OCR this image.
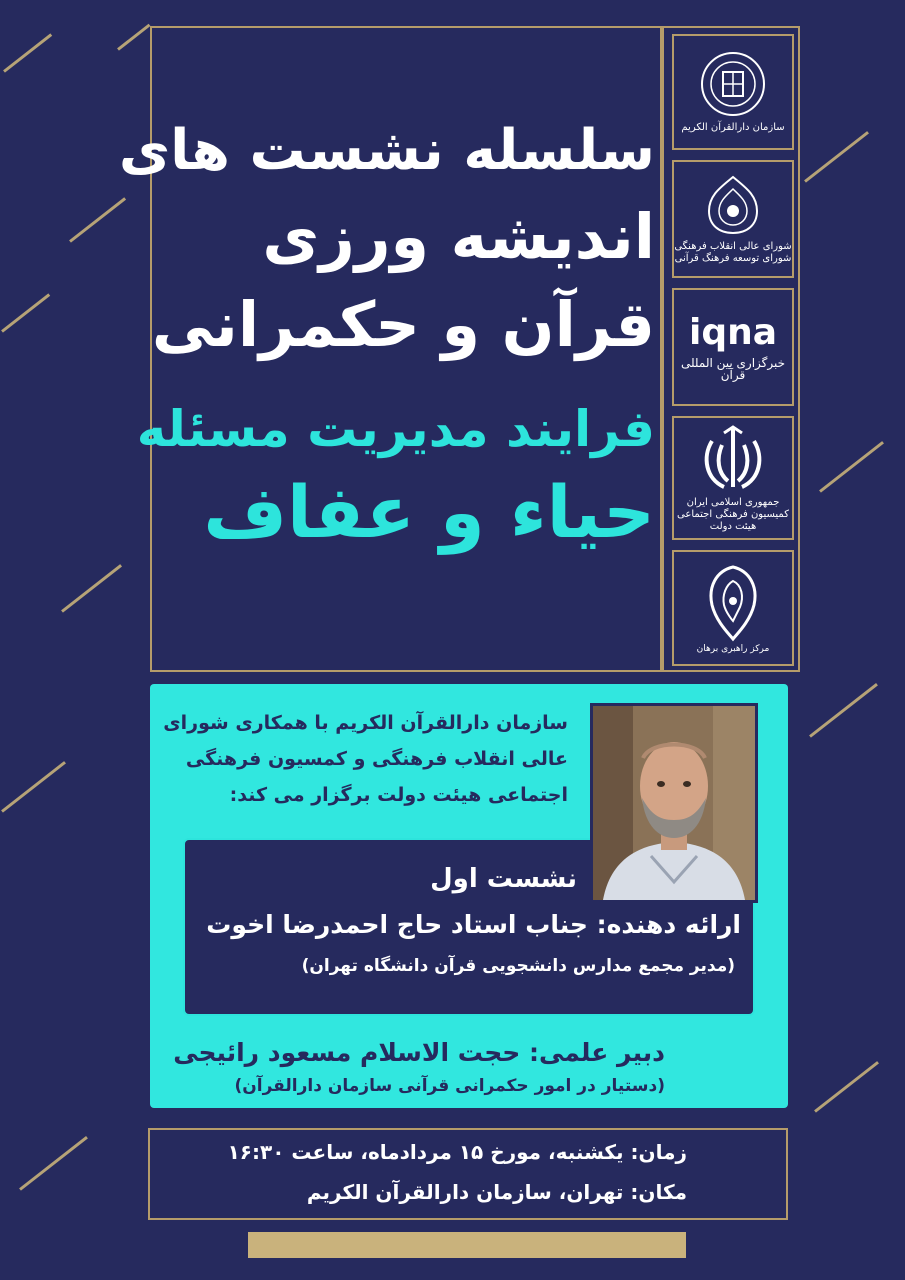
سلسله نشست های
اندیشه ورزی
قرآن و حکمرانی
فرایند مدیریت مسئله
حیاء و عفاف
سازمان دارالقرآن الکریم
شورای عالی انقلاب فرهنگی شورای توسعه فرهنگ قرآنی
iqna
خبرگزاری بین المللی قرآن
جمهوری اسلامی ایران کمیسیون فرهنگی اجتماعی هیئت دولت
مرکز راهبری برهان
سازمان دارالقرآن الکریم با همکاری شورای
عالی انقلاب فرهنگی و کمسیون فرهنگی
اجتماعی هیئت دولت برگزار می کند:
نشست اول
ارائه دهنده: جناب استاد حاج احمدرضا اخوت
(مدیر مجمع مدارس دانشجویی قرآن دانشگاه تهران)
دبیر علمی: حجت الاسلام مسعود رائیجی
(دستیار در امور حکمرانی قرآنی سازمان دارالقرآن)
زمان: یکشنبه، مورخ ۱۵ مردادماه، ساعت ۱۶:۳۰
مکان: تهران، سازمان دارالقرآن الکریم
